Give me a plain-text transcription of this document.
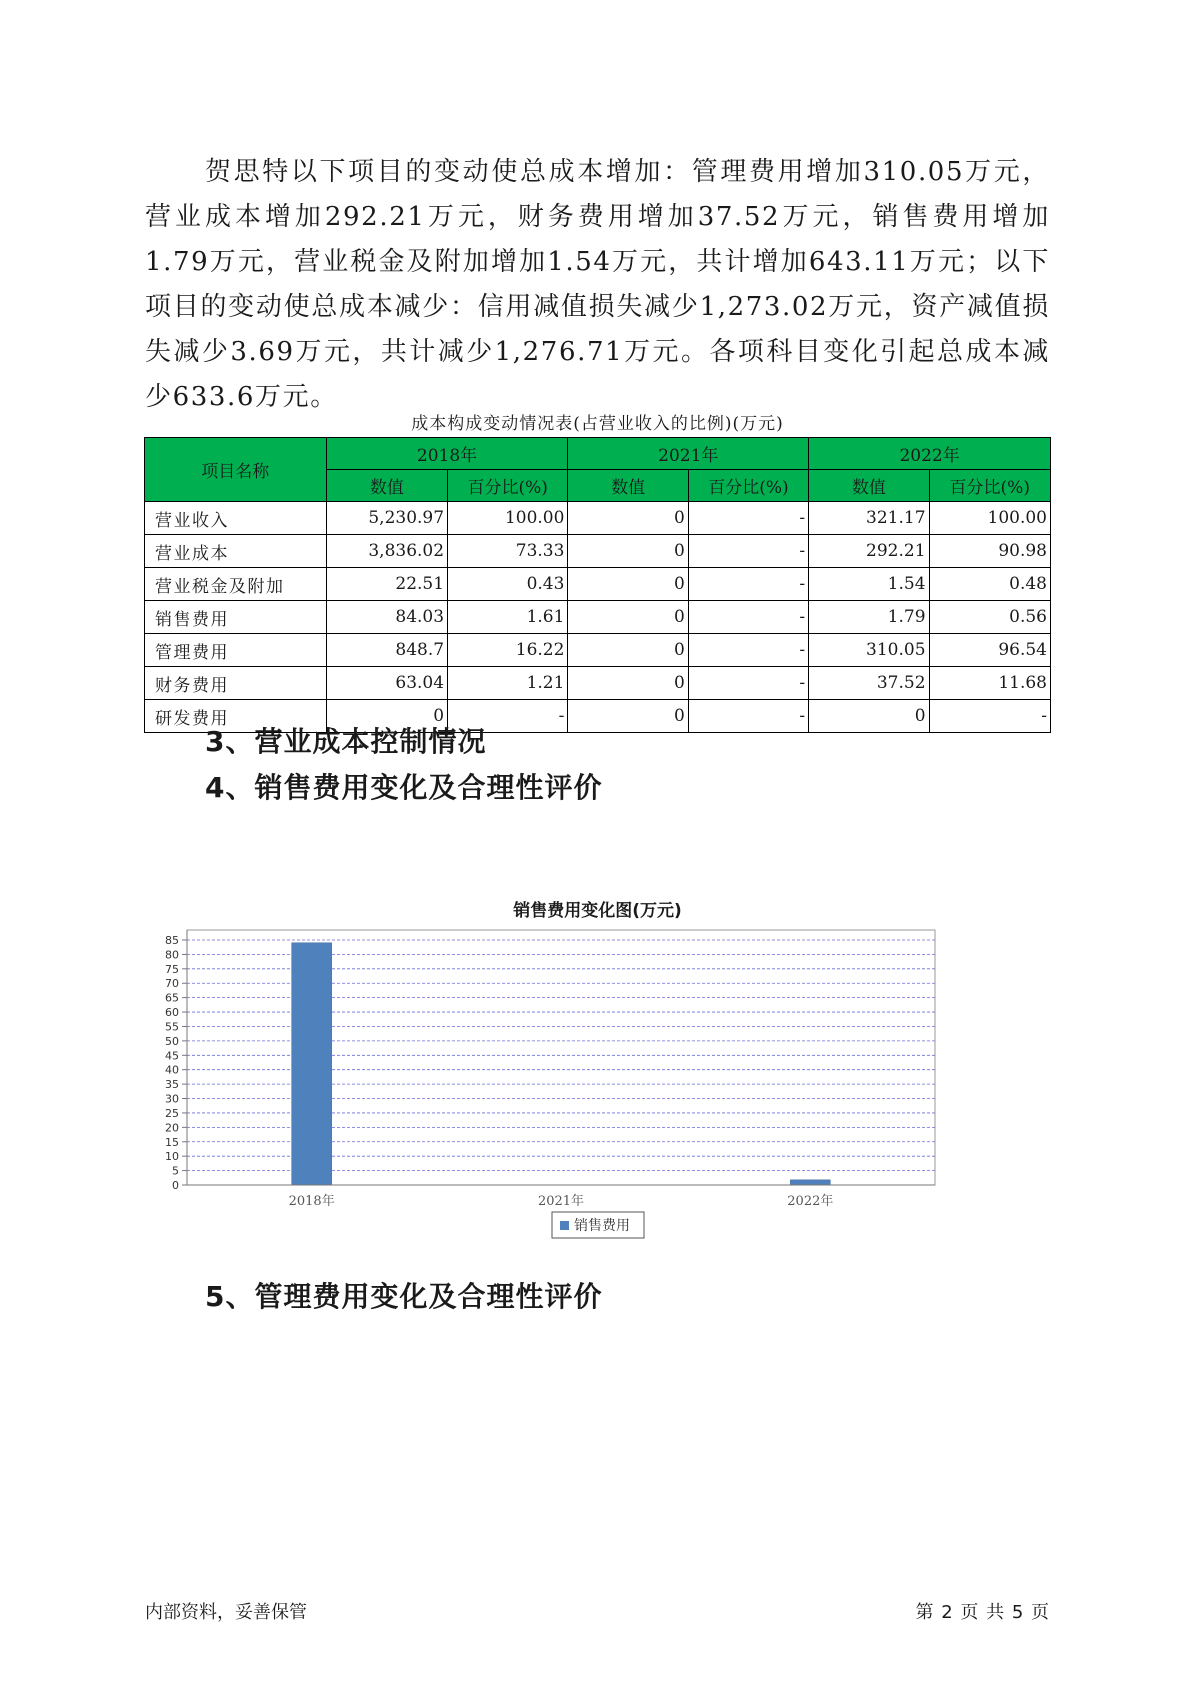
贺思特以下项目的变动使总成本增加：管理费用增加310.05万元，营业成本增加292.21万元，财务费用增加37.52万元，销售费用增加1.79万元，营业税金及附加增加1.54万元，共计增加643.11万元；以下项目的变动使总成本减少：信用减值损失减少1,273.02万元，资产减值损失减少3.69万元，共计减少1,276.71万元。各项科目变化引起总成本减少633.6万元。

成本构成变动情况表(占营业收入的比例)(万元)
项目名称	2018年		2021年		2022年	
	数值	百分比(%)	数值	百分比(%)	数值	百分比(%)
营业收入	5,230.97	100.00	0	-	321.17	100.00
营业成本	3,836.02	73.33	0	-	292.21	90.98
营业税金及附加	22.51	0.43	0	-	1.54	0.48
销售费用	84.03	1.61	0	-	1.79	0.56
管理费用	848.7	16.22	0	-	310.05	96.54
财务费用	63.04	1.21	0	-	37.52	11.68
研发费用	0	-	0	-	0	-
3、营业成本控制情况
4、销售费用变化及合理性评价
销售费用变化图(万元)
0
5
10
15
20
25
30
35
40
45
50
55
60
65
70
75
80
85
2018年	2021年	2022年
销售费用
5、管理费用变化及合理性评价
内部资料，妥善保管	第 2 页 共 5 页
